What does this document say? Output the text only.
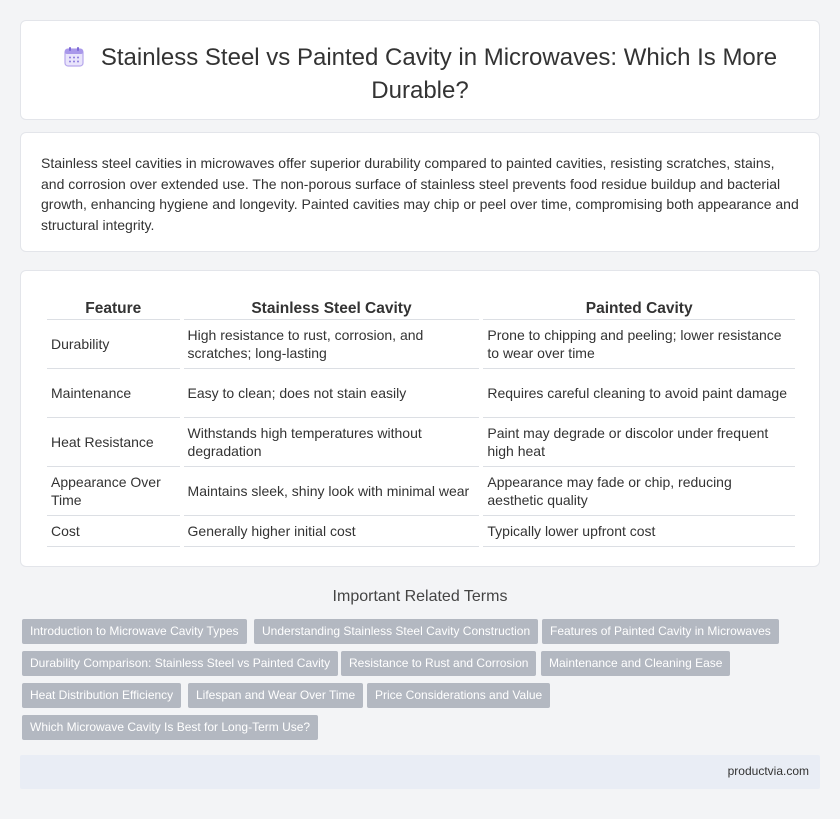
Stainless Steel vs Painted Cavity in Microwaves: Which Is More Durable?

Stainless steel cavities in microwaves offer superior durability compared to painted cavities, resisting scratches, stains, and corrosion over extended use. The non-porous surface of stainless steel prevents food residue buildup and bacterial growth, enhancing hygiene and longevity. Painted cavities may chip or peel over time, compromising both appearance and structural integrity.

Feature	Stainless Steel Cavity	Painted Cavity
Durability	High resistance to rust, corrosion, and scratches; long-lasting	Prone to chipping and peeling; lower resistance to wear over time
Maintenance	Easy to clean; does not stain easily	Requires careful cleaning to avoid paint damage
Heat Resistance	Withstands high temperatures without degradation	Paint may degrade or discolor under frequent high heat
Appearance Over Time	Maintains sleek, shiny look with minimal wear	Appearance may fade or chip, reducing aesthetic quality
Cost	Generally higher initial cost	Typically lower upfront cost
Important Related Terms
Introduction to Microwave Cavity Types	Understanding Stainless Steel Cavity Construction	Features of Painted Cavity in Microwaves
Durability Comparison: Stainless Steel vs Painted Cavity	Resistance to Rust and Corrosion	Maintenance and Cleaning Ease
Heat Distribution Efficiency	Lifespan and Wear Over Time	Price Considerations and Value
Which Microwave Cavity Is Best for Long-Term Use?
productvia.com
